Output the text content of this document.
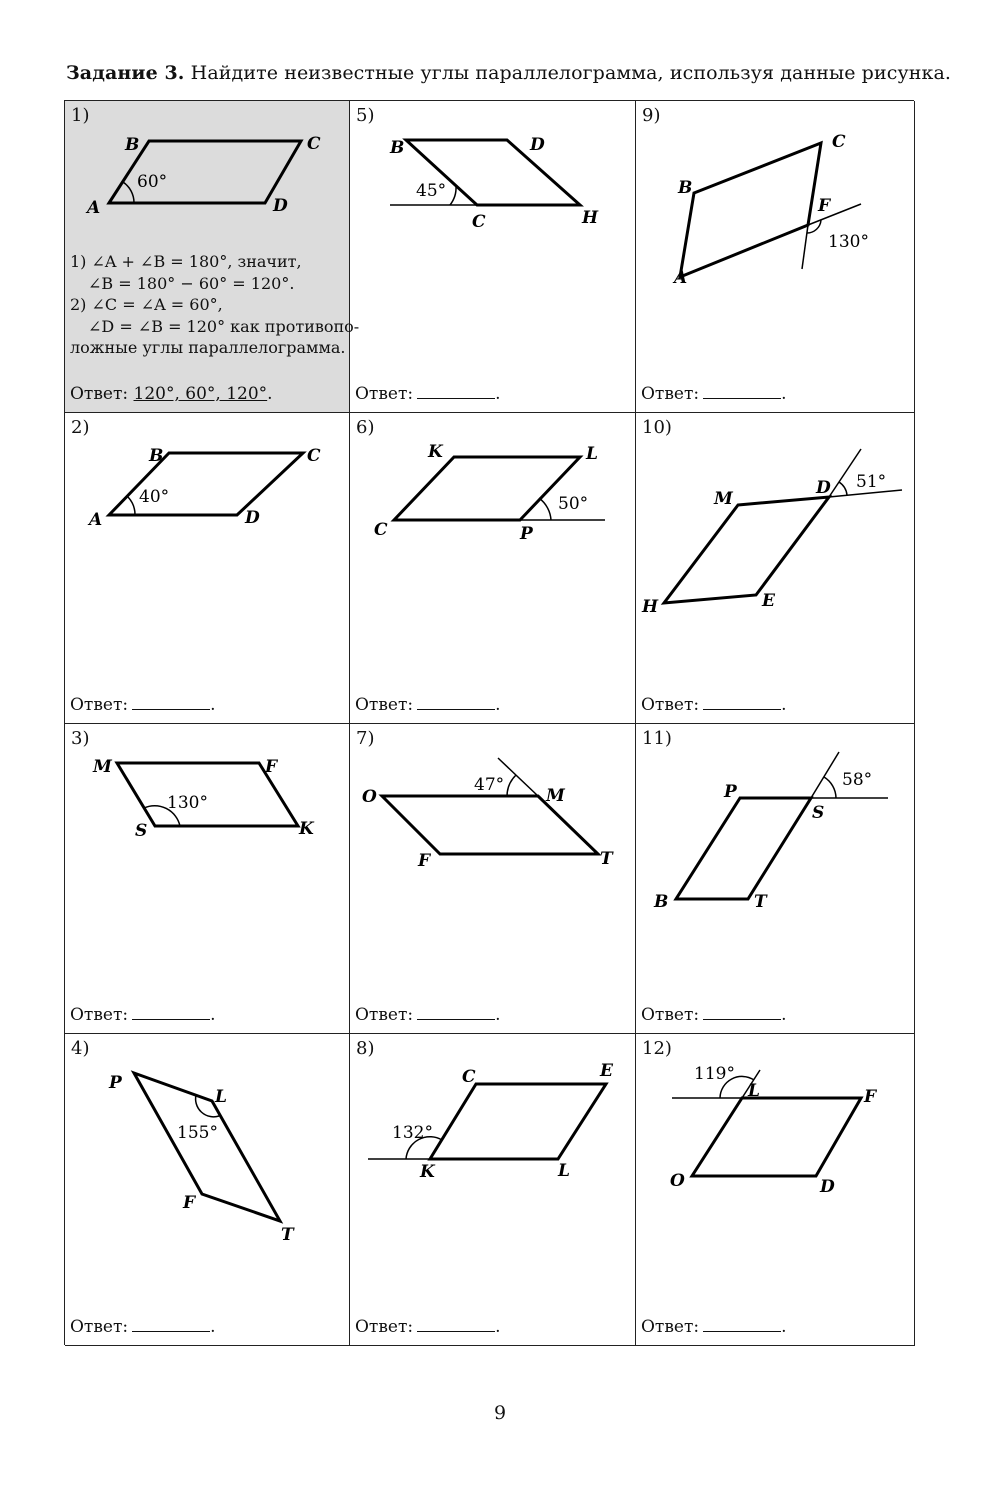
Задание 3. Найдите неизвестные углы параллелограмма, используя данные рисунка.
1)
A
B	C
D
60°
1) ∠A + ∠B = 180°, значит,
∠B = 180° − 60° = 120°.
2) ∠C = ∠A = 60°,
∠D = ∠B = 120° как противопо-
ложные углы параллелограмма.
Ответ: 120°, 60°, 120°.
5)
B	D
C	H
45°
Ответ:	.
9)
A
B
C
F
130°
Ответ:	.
2)
A
B	C
D
40°
Ответ:	.
6)
K	L
C	P
50°
Ответ:	.
10)
M
D
H	E
51°
Ответ:	.
3)
M	F
S	K
130°
Ответ:	.
7)
O	M
F	T
47°
Ответ:	.
11)
P
S
B	T
58°
Ответ:	.
4)
P
L
F
T
155°
Ответ:	.
8)
C	E
K	L
132°
Ответ:	.
12)
L	F
O	D
119°
Ответ:	.
9
